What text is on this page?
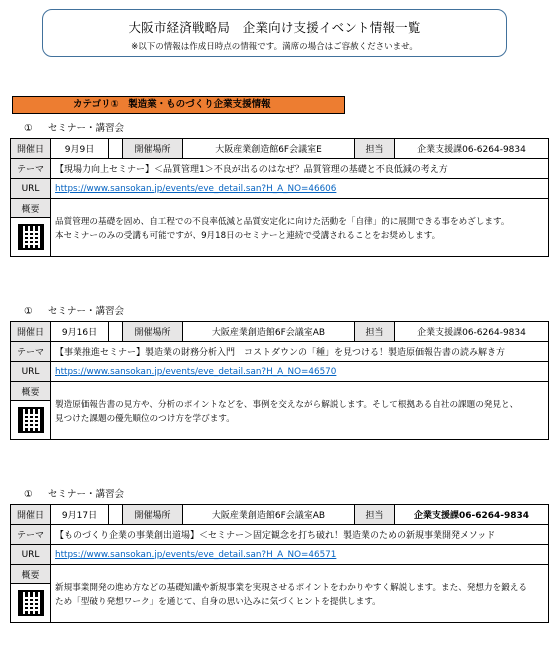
大阪市経済戦略局　企業向け支援イベント情報一覧
※以下の情報は作成日時点の情報です。満席の場合はご容赦くださいませ。
カテゴリ①　製造業・ものづくり企業支援情報
① セミナー・講習会
開催日	9月9日		開催場所	大阪産業創造館6F会議室E	担当	企業支援課06-6264-9834
テーマ	【現場力向上セミナー】＜品質管理1＞不良が出るのはなぜ？品質管理の基礎と不良低減の考え方					
URL	https://www.sansokan.jp/events/eve_detail.san?H_A_NO=46606					
概要	品質管理の基礎を固め、自工程での不良率低減と品質安定化に向けた活動を「自律」的に展開できる事をめざします。
本セミナーのみの受講も可能ですが、9月18日のセミナーと連続で受講されることをお奨めします。					

① セミナー・講習会
開催日	9月16日		開催場所	大阪産業創造館6F会議室AB	担当	企業支援課06-6264-9834
テーマ	【事業推進セミナー】製造業の財務分析入門　コストダウンの「種」を見つける！製造原価報告書の読み解き方					
URL	https://www.sansokan.jp/events/eve_detail.san?H_A_NO=46570					
概要	製造原価報告書の見方や、分析のポイントなどを、事例を交えながら解説します。そして根拠ある自社の課題の発見と、
見つけた課題の優先順位のつけ方を学びます。					

① セミナー・講習会
開催日	9月17日		開催場所	大阪産業創造館6F会議室AB	担当	企業支援課06-6264-9834
テーマ	【ものづくり企業の事業創出道場】＜セミナー＞固定観念を打ち破れ！製造業のための新規事業開発メソッド					
URL	https://www.sansokan.jp/events/eve_detail.san?H_A_NO=46571					
概要	新規事業開発の進め方などの基礎知識や新規事業を実現させるポイントをわかりやすく解説します。また、発想力を鍛える
ため「型破り発想ワーク」を通じて、自身の思い込みに気づくヒントを提供します。					
